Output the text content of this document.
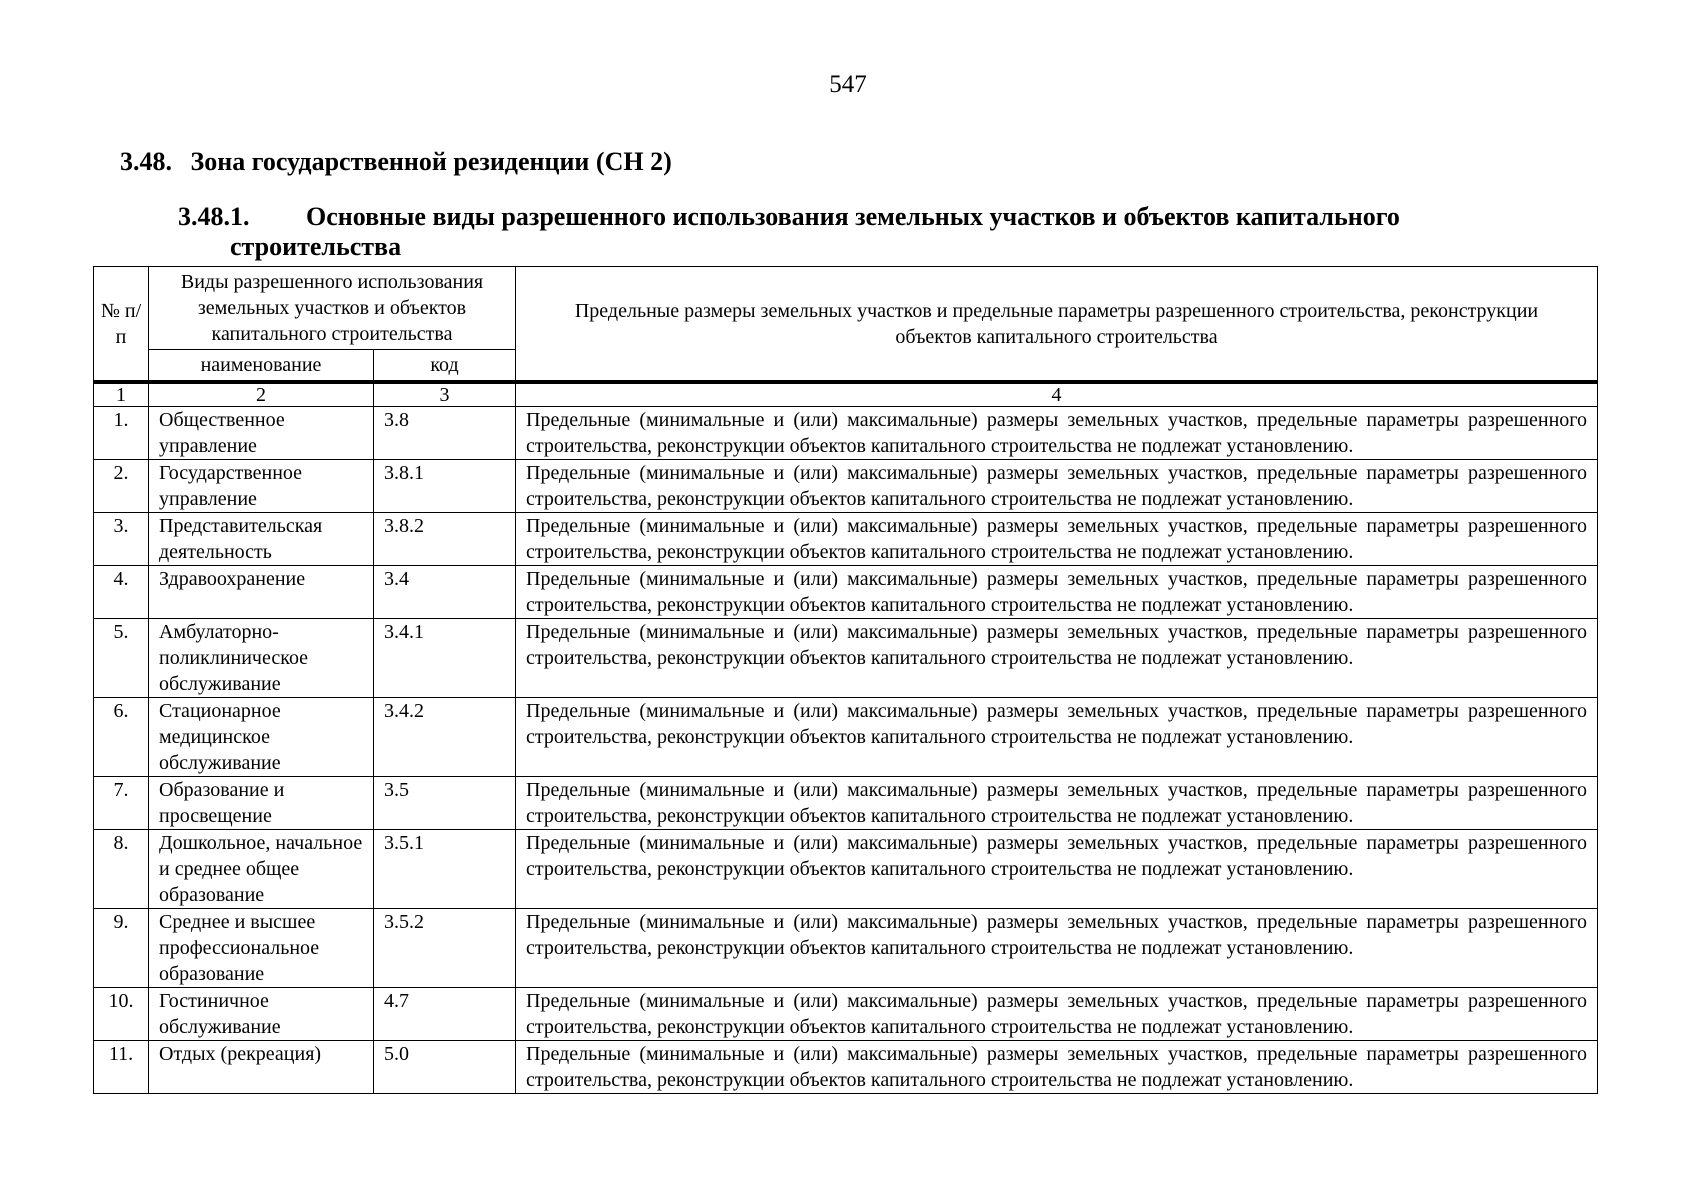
547
3.48. Зона государственной резиденции (СН 2)
3.48.1. Основные виды разрешенного использования земельных участков и объектов капитального
строительства
№ п/п	Виды разрешенного использования земельных участков и объектов капитального строительства		Предельные размеры земельных участков и предельные параметры разрешенного строительства, реконструкции объектов капитального строительства
	наименование	код	
1	2	3	4
1.	Общественное управление	3.8	Предельные (минимальные и (или) максимальные) размеры земельных участков, предельные параметры разрешенного строительства, реконструкции объектов капитального строительства не подлежат установлению.
2.	Государственное управление	3.8.1	Предельные (минимальные и (или) максимальные) размеры земельных участков, предельные параметры разрешенного строительства, реконструкции объектов капитального строительства не подлежат установлению.
3.	Представительская деятельность	3.8.2	Предельные (минимальные и (или) максимальные) размеры земельных участков, предельные параметры разрешенного строительства, реконструкции объектов капитального строительства не подлежат установлению.
4.	Здравоохранение	3.4	Предельные (минимальные и (или) максимальные) размеры земельных участков, предельные параметры разрешенного строительства, реконструкции объектов капитального строительства не подлежат установлению.
5.	Амбулаторно-поликлиническое обслуживание	3.4.1	Предельные (минимальные и (или) максимальные) размеры земельных участков, предельные параметры разрешенного строительства, реконструкции объектов капитального строительства не подлежат установлению.
6.	Стационарное медицинское обслуживание	3.4.2	Предельные (минимальные и (или) максимальные) размеры земельных участков, предельные параметры разрешенного строительства, реконструкции объектов капитального строительства не подлежат установлению.
7.	Образование и просвещение	3.5	Предельные (минимальные и (или) максимальные) размеры земельных участков, предельные параметры разрешенного строительства, реконструкции объектов капитального строительства не подлежат установлению.
8.	Дошкольное, начальное и среднее общее образование	3.5.1	Предельные (минимальные и (или) максимальные) размеры земельных участков, предельные параметры разрешенного строительства, реконструкции объектов капитального строительства не подлежат установлению.
9.	Среднее и высшее профессиональное образование	3.5.2	Предельные (минимальные и (или) максимальные) размеры земельных участков, предельные параметры разрешенного строительства, реконструкции объектов капитального строительства не подлежат установлению.
10.	Гостиничное обслуживание	4.7	Предельные (минимальные и (или) максимальные) размеры земельных участков, предельные параметры разрешенного строительства, реконструкции объектов капитального строительства не подлежат установлению.
11.	Отдых (рекреация)	5.0	Предельные (минимальные и (или) максимальные) размеры земельных участков, предельные параметры разрешенного строительства, реконструкции объектов капитального строительства не подлежат установлению.
